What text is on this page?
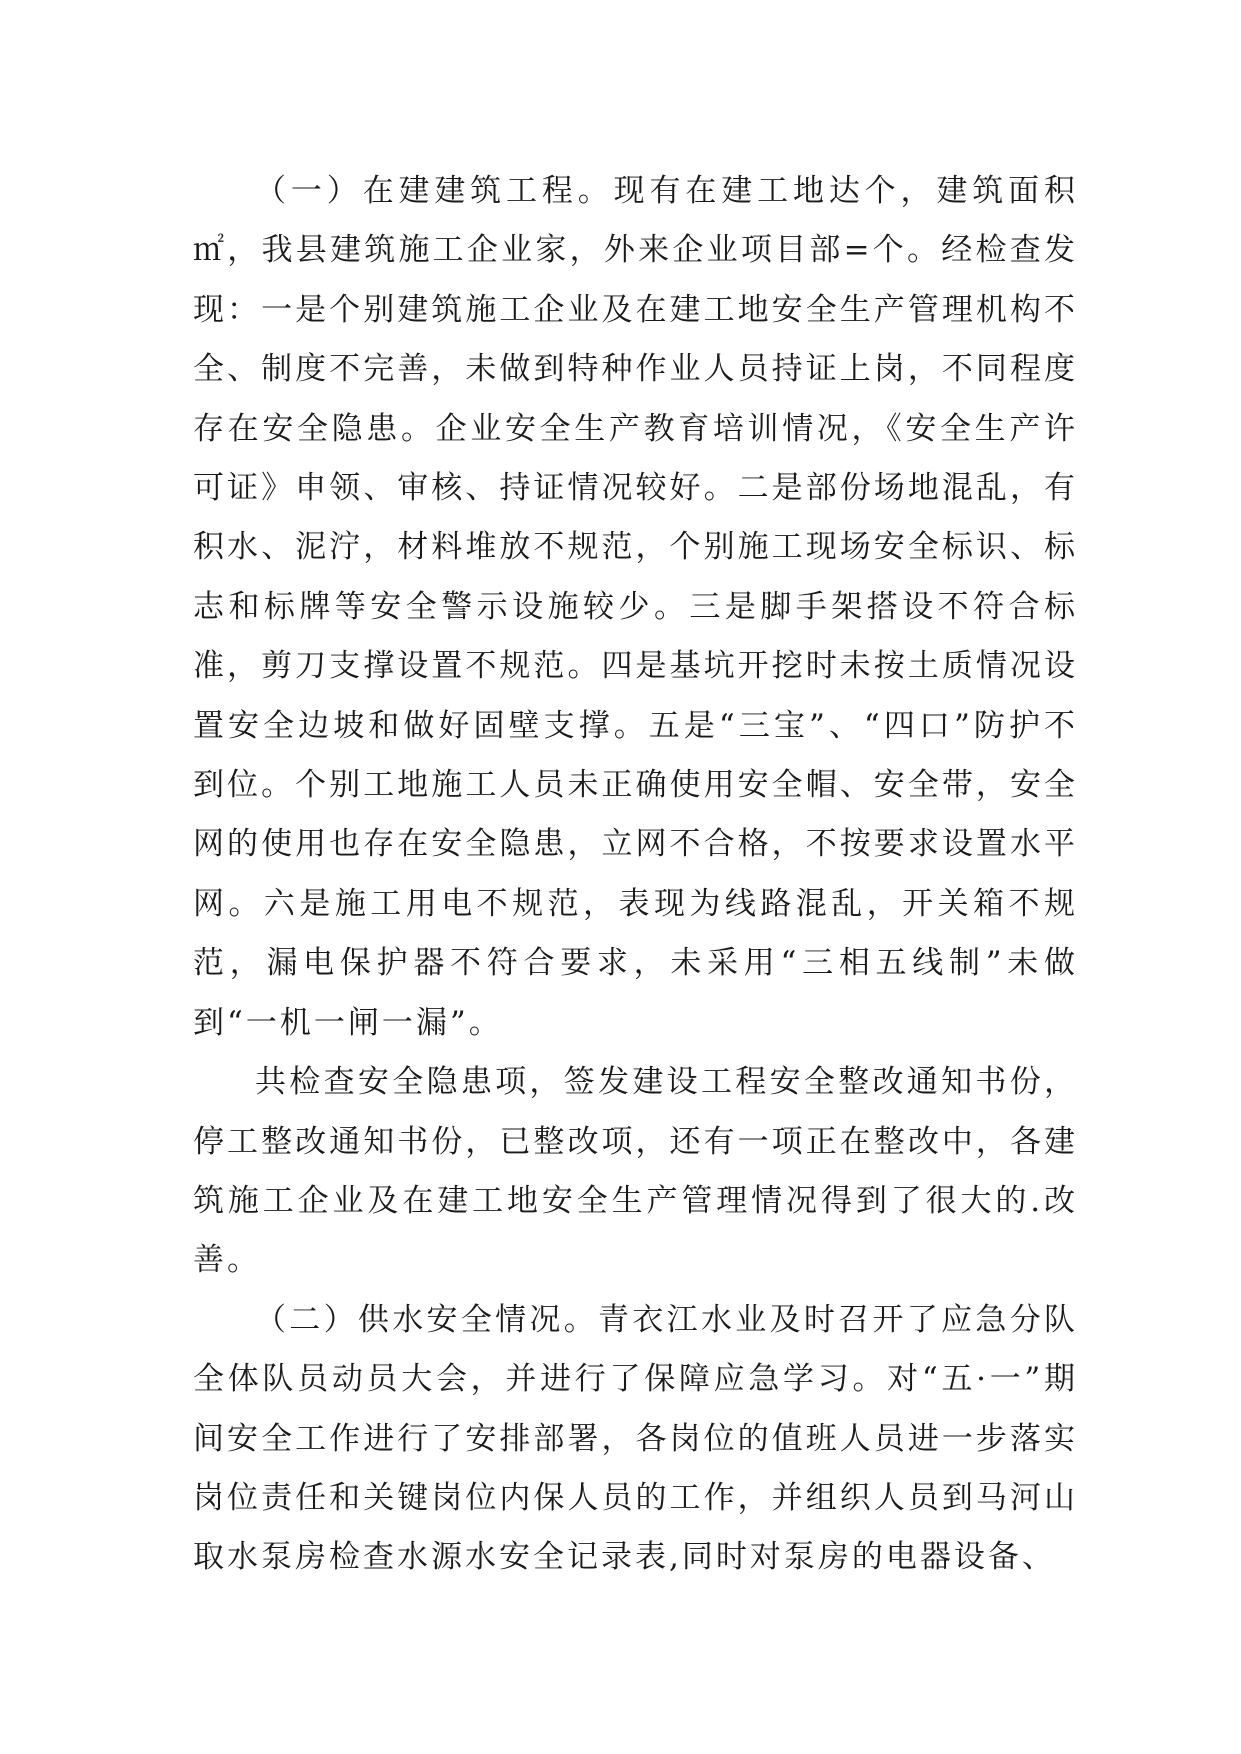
（一）在建建筑工程。现有在建工地达个，建筑面积㎡，我县建筑施工企业家，外来企业项目部=个。经检查发现：一是个别建筑施工企业及在建工地安全生产管理机构不全、制度不完善，未做到特种作业人员持证上岗，不同程度存在安全隐患。企业安全生产教育培训情况，《安全生产许可证》申领、审核、持证情况较好。二是部份场地混乱，有积水、泥泞，材料堆放不规范，个别施工现场安全标识、标志和标牌等安全警示设施较少。三是脚手架搭设不符合标准，剪刀支撑设置不规范。四是基坑开挖时未按土质情况设置安全边坡和做好固壁支撑。五是“三宝”、“四口”防护不到位。个别工地施工人员未正确使用安全帽、安全带，安全网的使用也存在安全隐患，立网不合格，不按要求设置水平网。六是施工用电不规范，表现为线路混乱，开关箱不规范，漏电保护器不符合要求，未采用“三相五线制”未做到“一机一闸一漏”。

共检查安全隐患项，签发建设工程安全整改通知书份，停工整改通知书份，已整改项，还有一项正在整改中，各建筑施工企业及在建工地安全生产管理情况得到了很大的.改善。

（二）供水安全情况。青衣江水业及时召开了应急分队全体队员动员大会，并进行了保障应急学习。对“五·一”期间安全工作进行了安排部署，各岗位的值班人员进一步落实岗位责任和关键岗位内保人员的工作，并组织人员到马河山取水泵房检查水源水安全记录表,同时对泵房的电器设备、
